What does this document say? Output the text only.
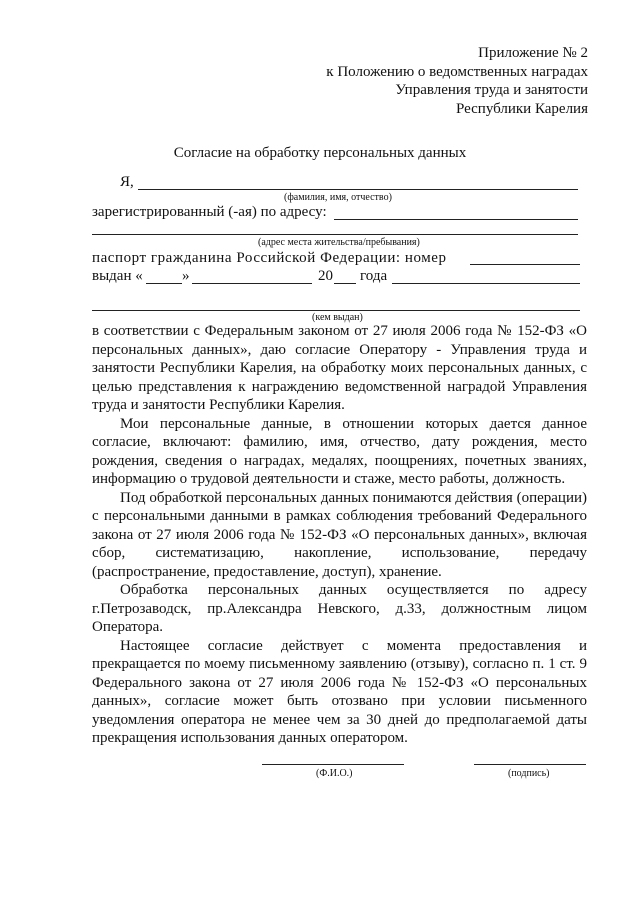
Приложение № 2
к Положению о ведомственных наградах
Управления труда и занятости
Республики Карелия
Согласие на обработку персональных данных
Я,
(фамилия, имя, отчество)
зарегистрированный (-ая) по адресу:
(адрес места жительства/пребывания)
паспорт гражданина Российской Федерации: номер
выдан «	»	20 года
(кем выдан)

в соответствии с Федеральным законом от 27 июля 2006 года № 152-ФЗ «О персональных данных», даю согласие Оператору - Управления труда и занятости Республики Карелия, на обработку моих персональных данных, с целью представления к награждению ведомственной наградой Управления труда и занятости Республики Карелия.

Мои персональные данные, в отношении которых дается данное согласие, включают: фамилию, имя, отчество, дату рождения, место рождения, сведения о наградах, медалях, поощрениях, почетных званиях, информацию о трудовой деятельности и стаже, место работы, должность.

Под обработкой персональных данных понимаются действия (операции) с персональными данными в рамках соблюдения требований Федерального закона от 27 июля 2006 года № 152-ФЗ «О персональных данных», включая сбор, систематизацию, накопление, использование, передачу (распространение, предоставление, доступ), хранение.

Обработка персональных данных осуществляется по адресу г.Петрозаводск, пр.Александра Невского, д.33, должностным лицом Оператора.

Настоящее согласие действует с момента предоставления и прекращается по моему письменному заявлению (отзыву), согласно п. 1 ст. 9 Федерального закона от 27 июля 2006 года № 152-ФЗ «О персональных данных», согласие может быть отозвано при условии письменного уведомления оператора не менее чем за 30 дней до предполагаемой даты прекращения использования данных оператором.

(Ф.И.О.)	(подпись)
